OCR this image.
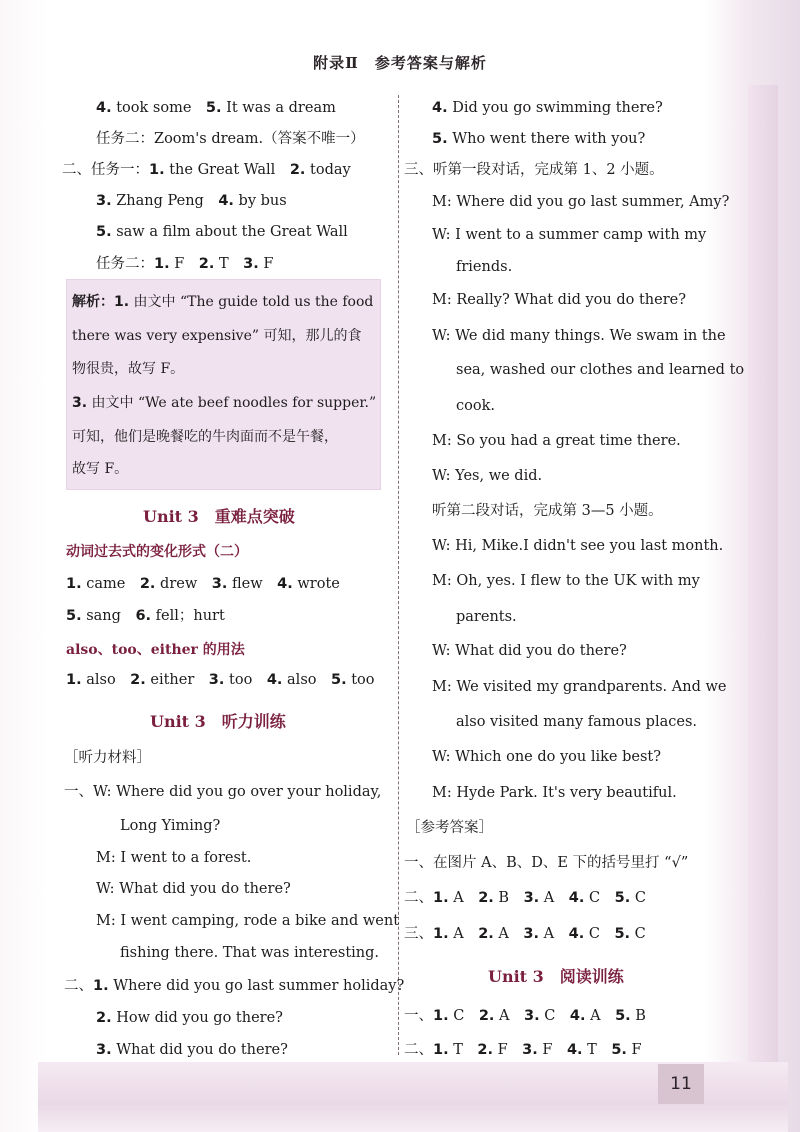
附录Ⅱ　参考答案与解析
4. took some　5. It was a dream
任务二：Zoom's dream.（答案不唯一）
二、任务一：1. the Great Wall　2. today
3. Zhang Peng　4. by bus
5. saw a film about the Great Wall
任务二：1. F　2. T　3. F
解析：1. 由文中 “The guide told us the food
there was very expensive” 可知，那儿的食
物很贵，故写 F。
3. 由文中 “We ate beef noodles for supper.”
可知，他们是晚餐吃的牛肉面而不是午餐，
故写 F。
Unit 3　重难点突破
动词过去式的变化形式（二）
1. came　2. drew　3. flew　4. wrote
5. sang　6. fell；hurt
also、too、either 的用法
1. also　2. either　3. too　4. also　5. too
Unit 3　听力训练
［听力材料］
一、W: Where did you go over your holiday,
Long Yiming?
M: I went to a forest.
W: What did you do there?
M: I went camping, rode a bike and went
fishing there. That was interesting.
二、1. Where did you go last summer holiday?
2. How did you go there?
3. What did you do there?
4. Did you go swimming there?
5. Who went there with you?
三、听第一段对话，完成第 1、2 小题。
M: Where did you go last summer, Amy?
W: I went to a summer camp with my
friends.
M: Really? What did you do there?
W: We did many things. We swam in the
sea, washed our clothes and learned to
cook.
M: So you had a great time there.
W: Yes, we did.
听第二段对话，完成第 3—5 小题。
W: Hi, Mike.I didn't see you last month.
M: Oh, yes. I flew to the UK with my
parents.
W: What did you do there?
M: We visited my grandparents. And we
also visited many famous places.
W: Which one do you like best?
M: Hyde Park. It's very beautiful.
［参考答案］
一、在图片 A、B、D、E 下的括号里打 “√”
二、1. A　2. B　3. A　4. C　5. C
三、1. A　2. A　3. A　4. C　5. C
Unit 3　阅读训练
一、1. C　2. A　3. C　4. A　5. B
二、1. T　2. F　3. F　4. T　5. F
11
